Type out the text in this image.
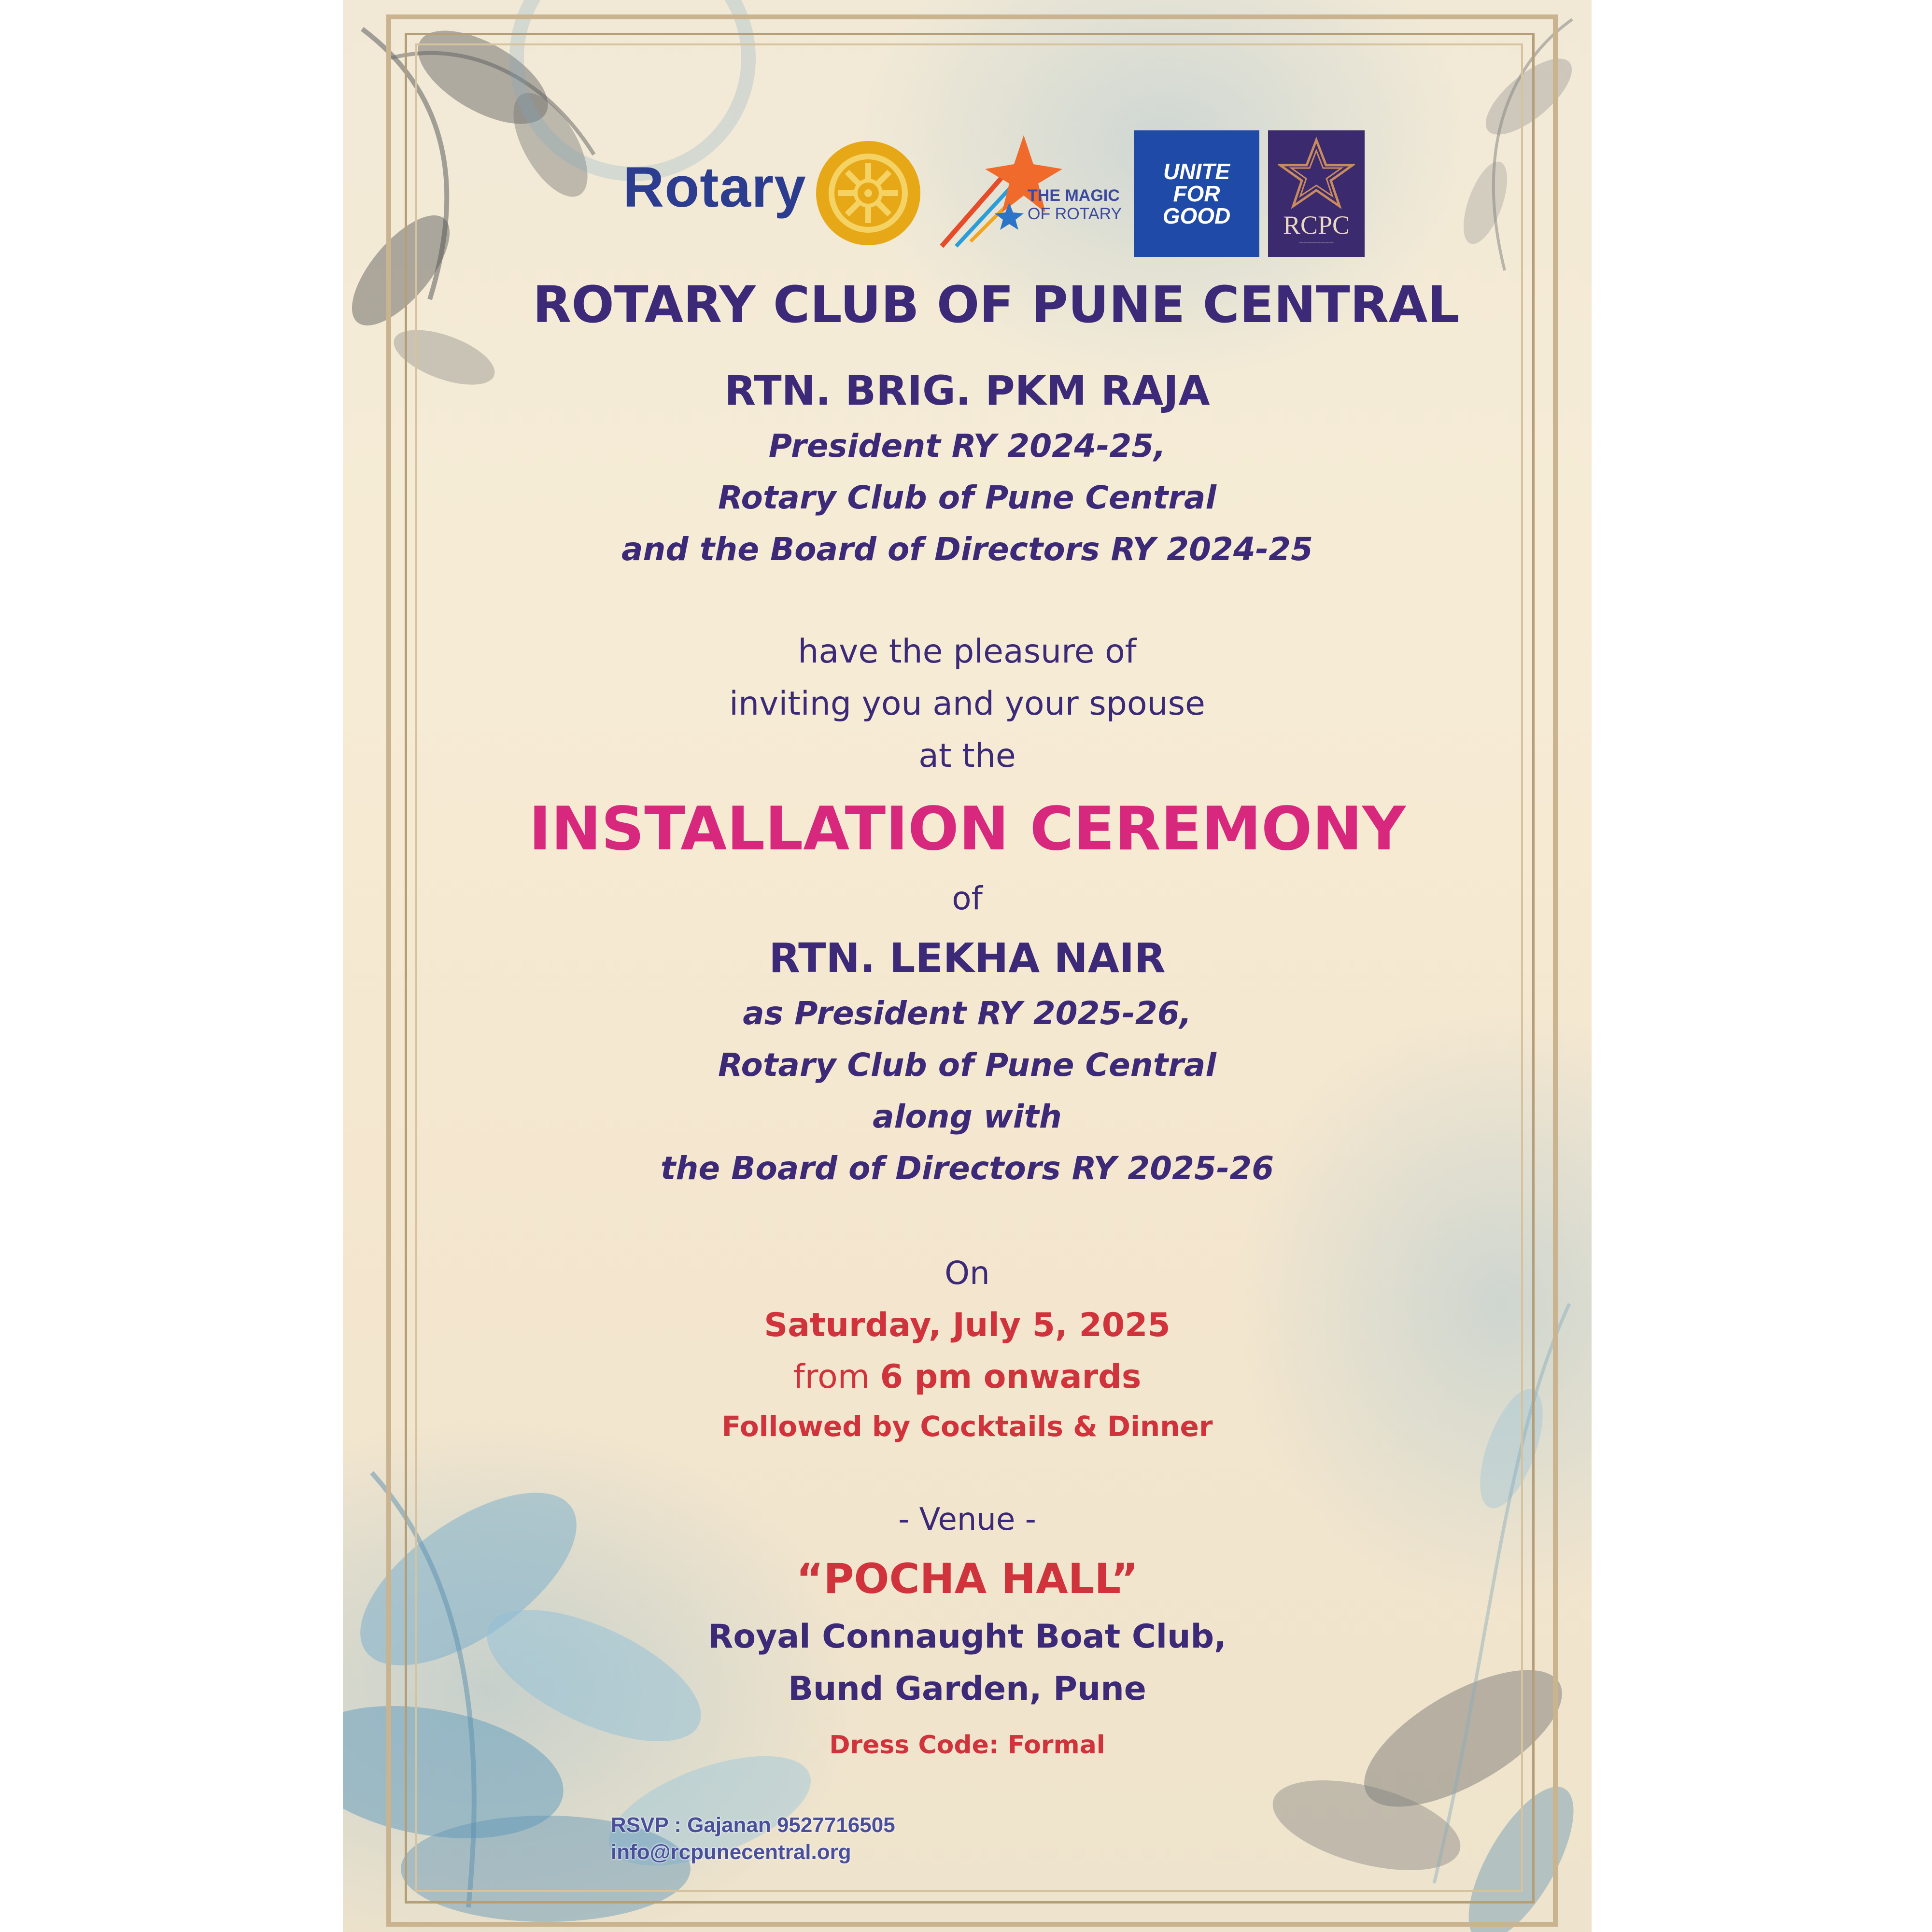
Rotary	THE MAGIC
OF ROTARY
UNITE
FOR
GOOD	RCPC
————————
ROTARY CLUB OF PUNE CENTRAL
RTN. BRIG. PKM RAJA
President RY 2024-25,
Rotary Club of Pune Central
and the Board of Directors RY 2024-25
have the pleasure of
inviting you and your spouse
at the
INSTALLATION CEREMONY
of
RTN. LEKHA NAIR
as President RY 2025-26,
Rotary Club of Pune Central
along with
the Board of Directors RY 2025-26
On
Saturday, July 5, 2025
from 6 pm onwards
Followed by Cocktails & Dinner
- Venue -
“POCHA HALL”
Royal Connaught Boat Club,
Bund Garden, Pune
Dress Code: Formal
RSVP : Gajanan 9527716505
info@rcpunecentral.org
